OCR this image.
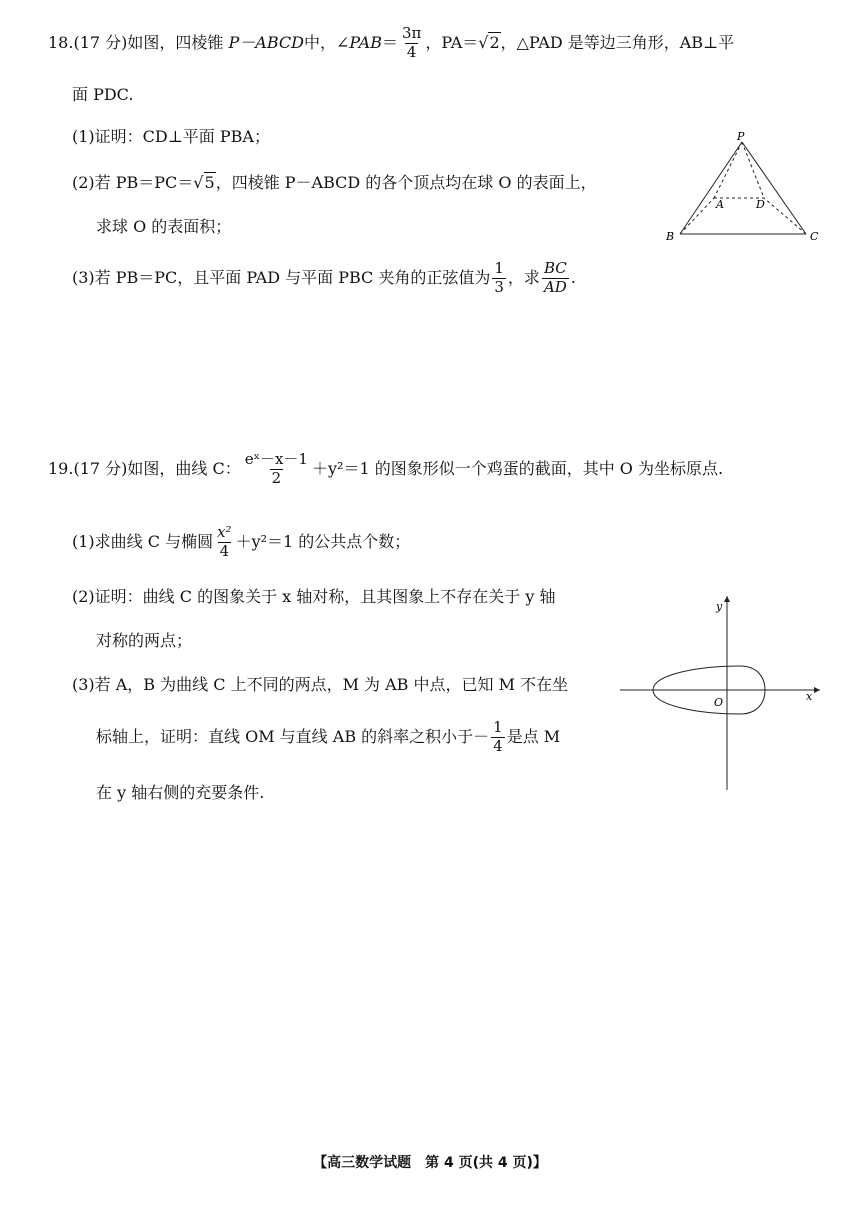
18.(17 分)如图，四棱锥 P－ABCD中，∠PAB＝ $\frac{3\pi}{4}$ ，PA＝√2，△PAD 是等边三角形，AB⊥平
面 PDC.
(1)证明：CD⊥平面 PBA；
(2)若 PB＝PC＝√5，四棱锥 P－ABCD 的各个顶点均在球 O 的表面上，
求球 O 的表面积；
(3)若 PB＝PC，且平面 PAD 与平面 PBC 夹角的正弦值为 $\frac{1}{3}$ ，求 $\frac{BC}{AD}$ .
P
A	D
B	C
19.(17 分)如图，曲线 C： $\frac{\text{eˣ－x－1}}{2} +y^2=1$ 的图象形似一个鸡蛋的截面，其中 O 为坐标原点.
(1)求曲线 C 与椭圆 $\frac{\text{x²}}{4} +y^2=1$ 的公共点个数；
(2)证明：曲线 C 的图象关于 x 轴对称，且其图象上不存在关于 y 轴
对称的两点；
(3)若 A，B 为曲线 C 上不同的两点，M 为 AB 中点，已知 M 不在坐
标轴上，证明：直线 OM 与直线 AB 的斜率之积小于－ $\frac{1}{4}$ 是点 M
在 y 轴右侧的充要条件.
y
x
O
【高三数学试题　第 4 页(共 4 页)】
